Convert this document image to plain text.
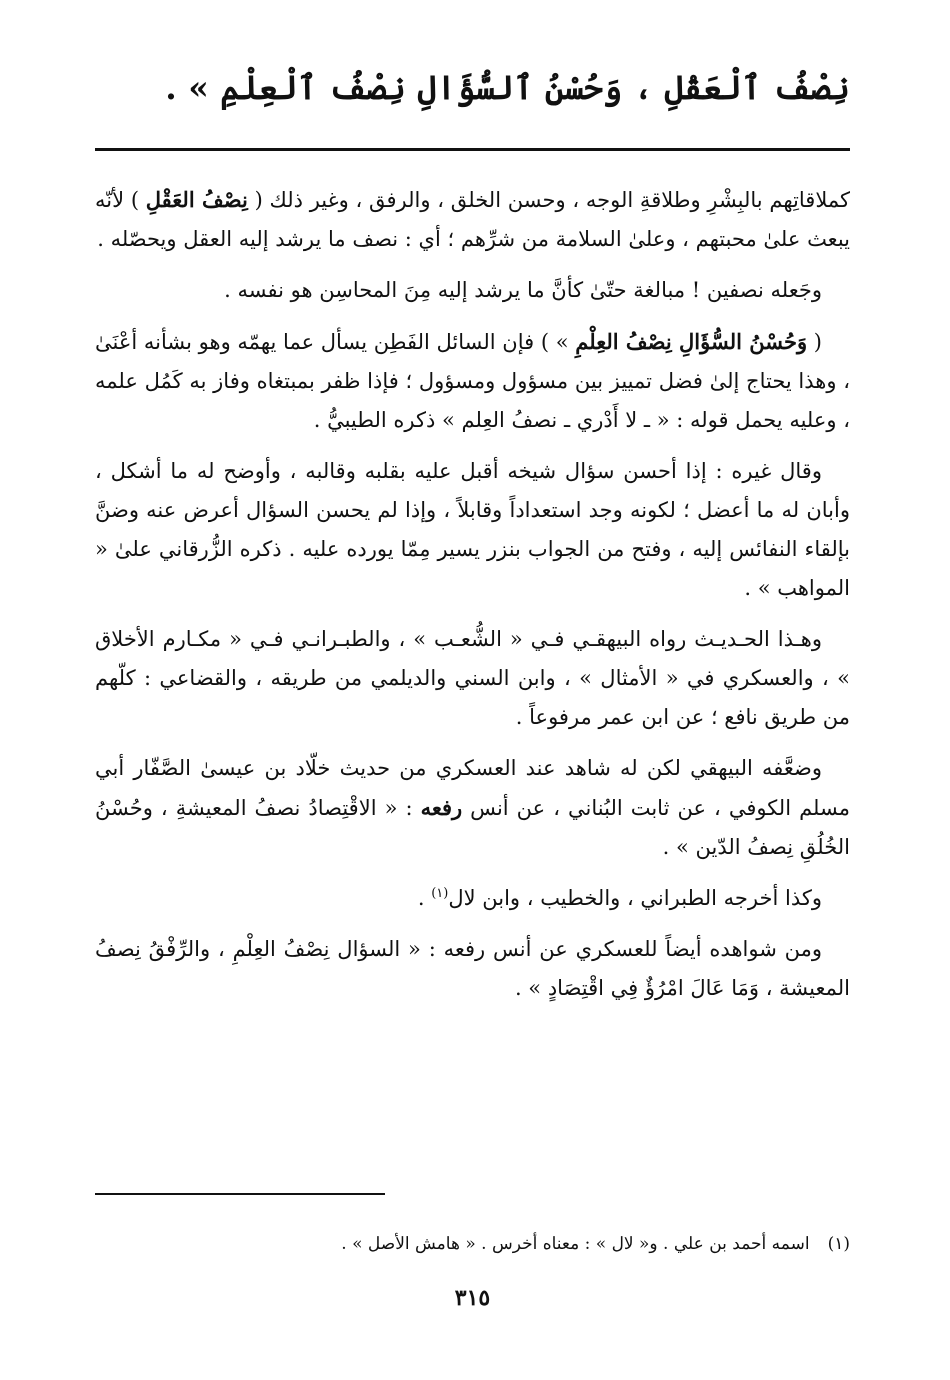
نِصْفُ ٱلْعَقْلِ ، وَحُسْنُ ٱلسُّؤَالِ نِصْفُ ٱلْعِلْمِ » .

كملاقاتِهم بالبِشْرِ وطلاقةِ الوجه ، وحسن الخلق ، والرفق ، وغير ذلك ( نِصْفُ العَقْلِ ) لأنّه يبعث علىٰ محبتهم ، وعلىٰ السلامة من شرِّهم ؛ أي : نصف ما يرشد إليه العقل ويحصّله .

وجَعله نصفين ! مبالغة حتّىٰ كأنَّ ما يرشد إليه مِنَ المحاسِن هو نفسه .

( وَحُسْنُ السُّؤَالِ نِصْفُ العِلْمِ » ) فإن السائل الفَطِن يسأل عما يهمّه وهو بشأنه أعْنَىٰ ، وهذا يحتاج إلىٰ فضل تمييز بين مسؤول ومسؤول ؛ فإذا ظفر بمبتغاه وفاز به كَمُل علمه ، وعليه يحمل قوله : « ـ لا أَدْري ـ نصفُ العِلم » ذكره الطيبيُّ .

وقال غيره : إذا أحسن سؤال شيخه أقبل عليه بقلبه وقالبه ، وأوضح له ما أشكل ، وأبان له ما أعضل ؛ لكونه وجد استعداداً وقابلاً ، وإذا لم يحسن السؤال أعرض عنه وضنَّ بإلقاء النفائس إليه ، وفتح من الجواب بنزر يسير مِمّا يورده عليه . ذكره الزُّرقاني علىٰ « المواهب » .

وهـذا الحـديـث رواه البيهقـي فـي « الشُّعـب » ، والطبـرانـي فـي « مكـارم الأخلاق » ، والعسكري في « الأمثال » ، وابن السني والديلمي من طريقه ، والقضاعي : كلّهم من طريق نافع ؛ عن ابن عمر مرفوعاً .

وضعَّفه البيهقي لكن له شاهد عند العسكري من حديث خلّاد بن عيسىٰ الصَّفّار أبي مسلم الكوفي ، عن ثابت البُناني ، عن أنس رفعه : « الاقْتِصادُ نصفُ المعيشةِ ، وحُسْنُ الخُلُقِ نِصفُ الدّين » .

وكذا أخرجه الطبراني ، والخطيب ، وابن لال$^{(١)}$ .

ومن شواهده أيضاً للعسكري عن أنس رفعه : « السؤال نِصْفُ العِلْمِ ، والرِّفْقُ نِصفُ المعيشة ، وَمَا عَالَ امْرُؤٌ فِي اقْتِصَادٍ » .

(١)اسمه أحمد بن علي . و« لال » : معناه أخرس . « هامش الأصل » .
٣١٥
